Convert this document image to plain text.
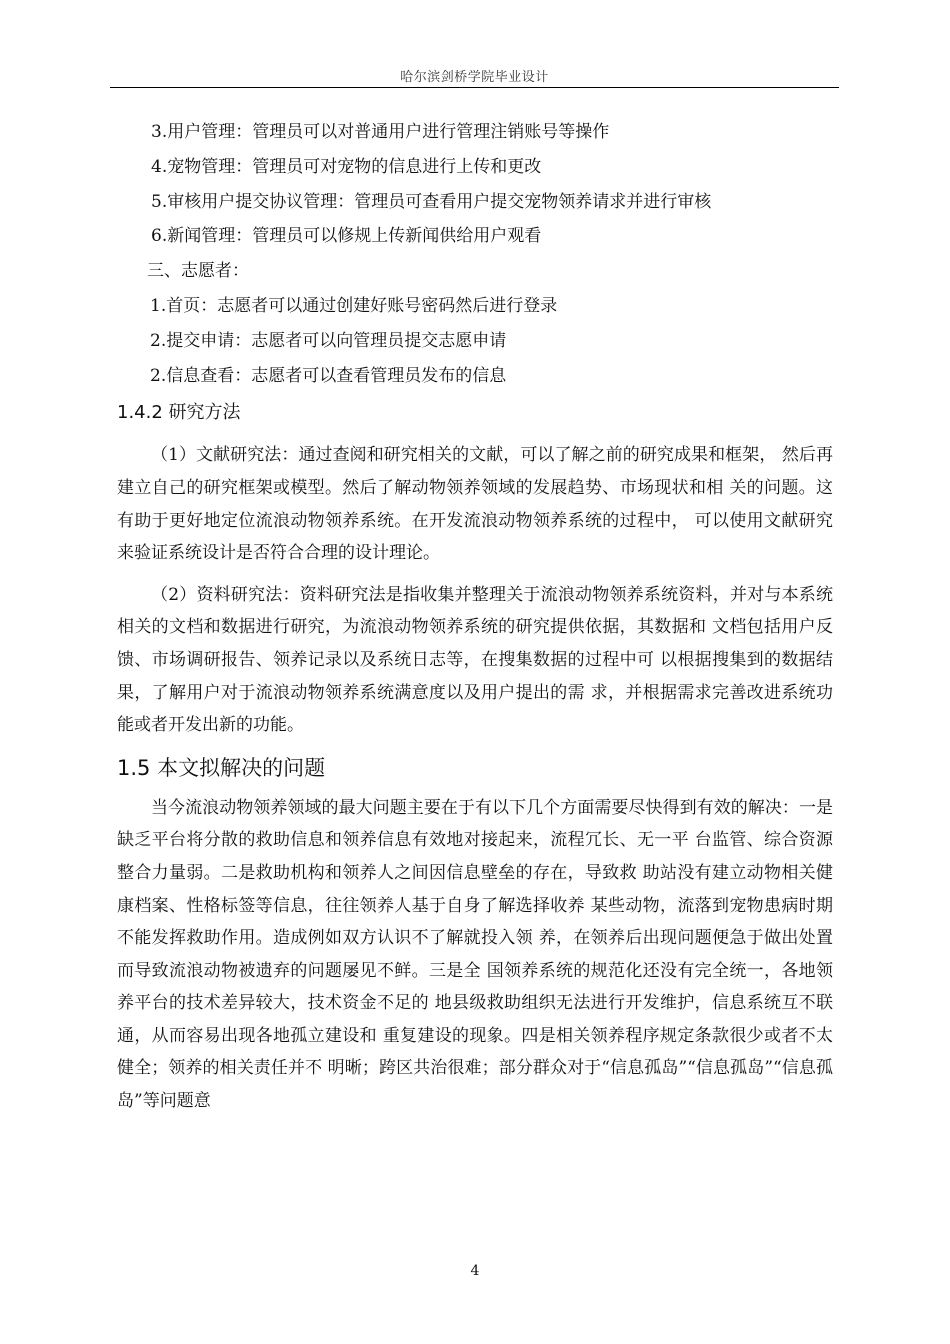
哈尔滨剑桥学院毕业设计
3.用户管理：管理员可以对普通用户进行管理注销账号等操作
4.宠物管理：管理员可对宠物的信息进行上传和更改
5.审核用户提交协议管理：管理员可查看用户提交宠物领养请求并进行审核
6.新闻管理：管理员可以修规上传新闻供给用户观看
三、志愿者：
1.首页：志愿者可以通过创建好账号密码然后进行登录
2.提交申请：志愿者可以向管理员提交志愿申请
2.信息查看：志愿者可以查看管理员发布的信息
1.4.2 研究方法

（1）文献研究法：通过查阅和研究相关的文献，可以了解之前的研究成果和框架， 然后再建立自己的研究框架或模型。然后了解动物领养领域的发展趋势、市场现状和相 关的问题。这有助于更好地定位流浪动物领养系统。在开发流浪动物领养系统的过程中， 可以使用文献研究来验证系统设计是否符合合理的设计理论。

（2）资料研究法：资料研究法是指收集并整理关于流浪动物领养系统资料，并对与本系统相关的文档和数据进行研究，为流浪动物领养系统的研究提供依据，其数据和 文档包括用户反馈、市场调研报告、领养记录以及系统日志等，在搜集数据的过程中可 以根据搜集到的数据结果，了解用户对于流浪动物领养系统满意度以及用户提出的需 求，并根据需求完善改进系统功能或者开发出新的功能。

1.5 本文拟解决的问题

当今流浪动物领养领域的最大问题主要在于有以下几个方面需要尽快得到有效的解决：一是缺乏平台将分散的救助信息和领养信息有效地对接起来，流程冗长、无一平 台监管、综合资源整合力量弱。二是救助机构和领养人之间因信息壁垒的存在，导致救 助站没有建立动物相关健康档案、性格标签等信息，往往领养人基于自身了解选择收养 某些动物，流落到宠物患病时期不能发挥救助作用。造成例如双方认识不了解就投入领 养，在领养后出现问题便急于做出处置而导致流浪动物被遗弃的问题屡见不鲜。三是全 国领养系统的规范化还没有完全统一，各地领养平台的技术差异较大，技术资金不足的 地县级救助组织无法进行开发维护，信息系统互不联通，从而容易出现各地孤立建设和 重复建设的现象。四是相关领养程序规定条款很少或者不太健全；领养的相关责任并不 明晰；跨区共治很难；部分群众对于“信息孤岛”“信息孤岛”“信息孤岛”等问题意

4
